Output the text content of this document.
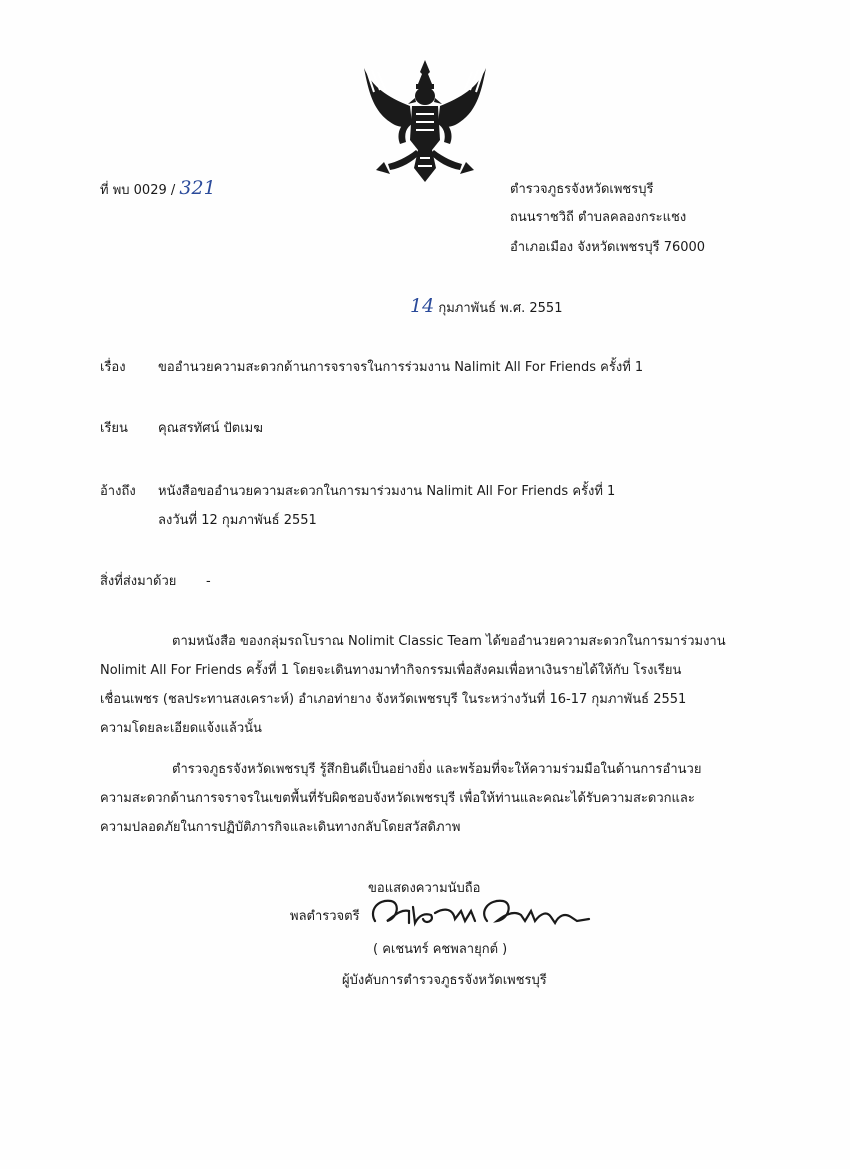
ที่ พบ 0029 / 321	ตำรวจภูธรจังหวัดเพชรบุรี
ถนนราชวิถี ตำบลคลองกระแชง
อำเภอเมือง จังหวัดเพชรบุรี 76000
14 กุมภาพันธ์ พ.ศ. 2551
เรื่อง ขออำนวยความสะดวกด้านการจราจรในการร่วมงาน Nalimit All For Friends ครั้งที่ 1
เรียน คุณสรทัศน์ ปัตเมฆ
อ้างถึง หนังสือขออำนวยความสะดวกในการมาร่วมงาน Nalimit All For Friends ครั้งที่ 1
ลงวันที่ 12 กุมภาพันธ์ 2551
สิ่งที่ส่งมาด้วย -
ตามหนังสือ ของกลุ่มรถโบราณ Nolimit Classic Team ได้ขออำนวยความสะดวกในการมาร่วมงาน
Nolimit All For Friends ครั้งที่ 1 โดยจะเดินทางมาทำกิจกรรมเพื่อสังคมเพื่อหาเงินรายได้ให้กับ โรงเรียน
เชื่อนเพชร (ชลประทานสงเคราะห์) อำเภอท่ายาง จังหวัดเพชรบุรี ในระหว่างวันที่ 16-17 กุมภาพันธ์ 2551
ความโดยละเอียดแจ้งแล้วนั้น
ตำรวจภูธรจังหวัดเพชรบุรี รู้สึกยินดีเป็นอย่างยิ่ง และพร้อมที่จะให้ความร่วมมือในด้านการอำนวย
ความสะดวกด้านการจราจรในเขตพื้นที่รับผิดชอบจังหวัดเพชรบุรี เพื่อให้ท่านและคณะได้รับความสะดวกและ
ความปลอดภัยในการปฏิบัติภารกิจและเดินทางกลับโดยสวัสดิภาพ
ขอแสดงความนับถือ
พลตำรวจตรี
( คเชนทร์ คชพลายุกต์ )
ผู้บังคับการตำรวจภูธรจังหวัดเพชรบุรี
